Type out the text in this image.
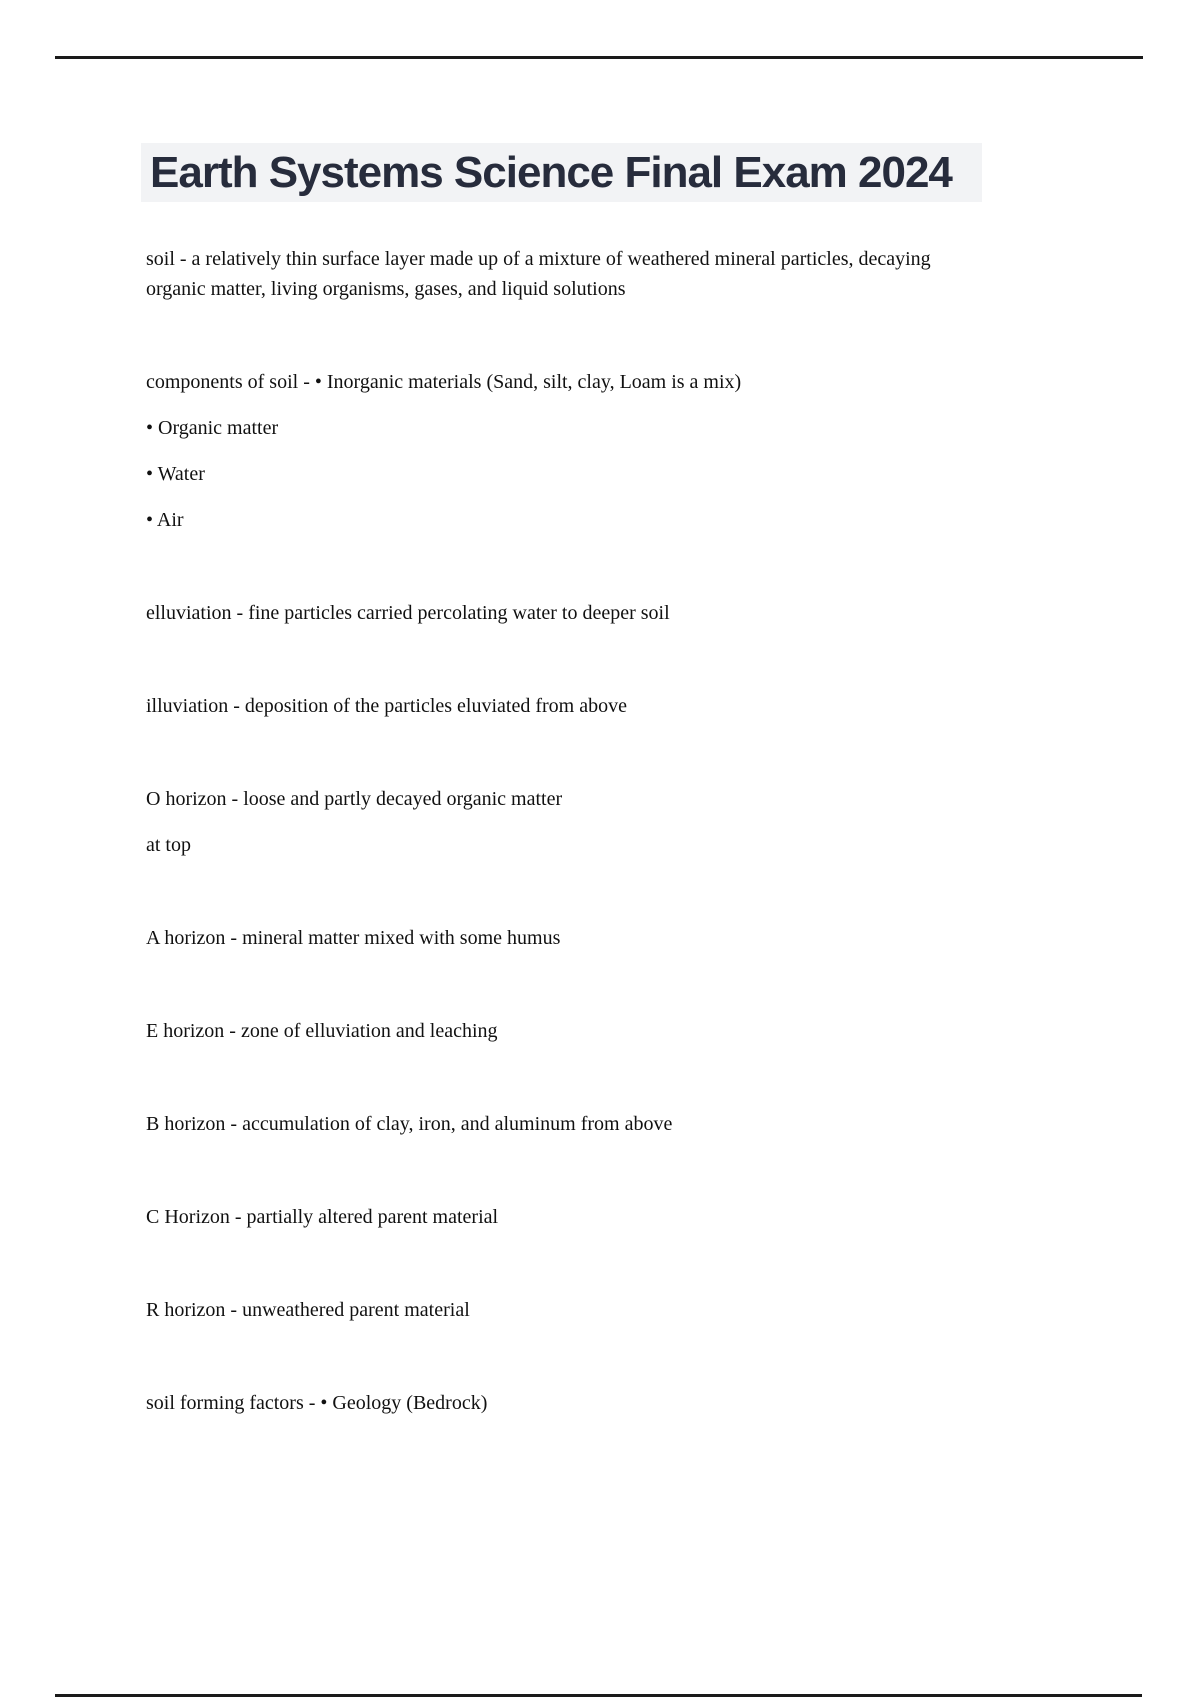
Earth Systems Science Final Exam 2024

soil - a relatively thin surface layer made up of a mixture of weathered mineral particles, decaying organic matter, living organisms, gases, and liquid solutions

components of soil - • Inorganic materials (Sand, silt, clay, Loam is a mix)

• Organic matter

• Water

• Air

elluviation - fine particles carried percolating water to deeper soil

illuviation - deposition of the particles eluviated from above

O horizon - loose and partly decayed organic matter

at top

A horizon - mineral matter mixed with some humus

E horizon - zone of elluviation and leaching

B horizon - accumulation of clay, iron, and aluminum from above

C Horizon - partially altered parent material

R horizon - unweathered parent material

soil forming factors - • Geology (Bedrock)
